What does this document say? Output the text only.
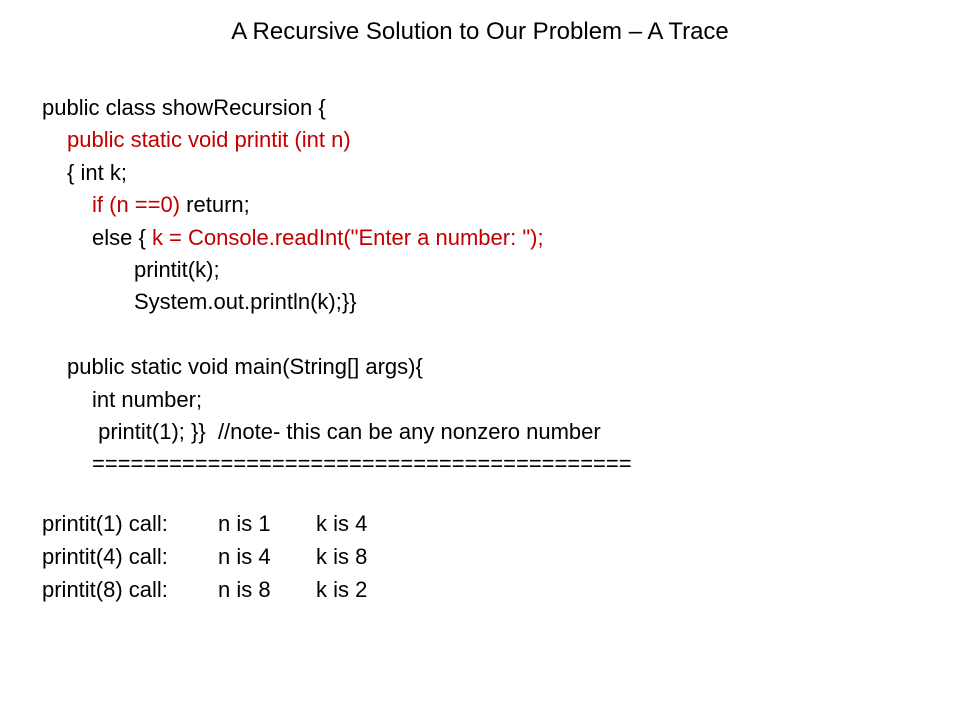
A Recursive Solution to Our Problem – A Trace
public class showRecursion {
public static void printit (int n)
{ int k;
if (n ==0) return;
else { k = Console.readInt("Enter a number: ");
printit(k);
System.out.println(k);}}
public static void main(String[] args){
int number;
printit(1); }}  //note- this can be any nonzero number
==========================================
printit(1) call: n is 1 k is 4
printit(4) call: n is 4 k is 8
printit(8) call: n is 8 k is 2
